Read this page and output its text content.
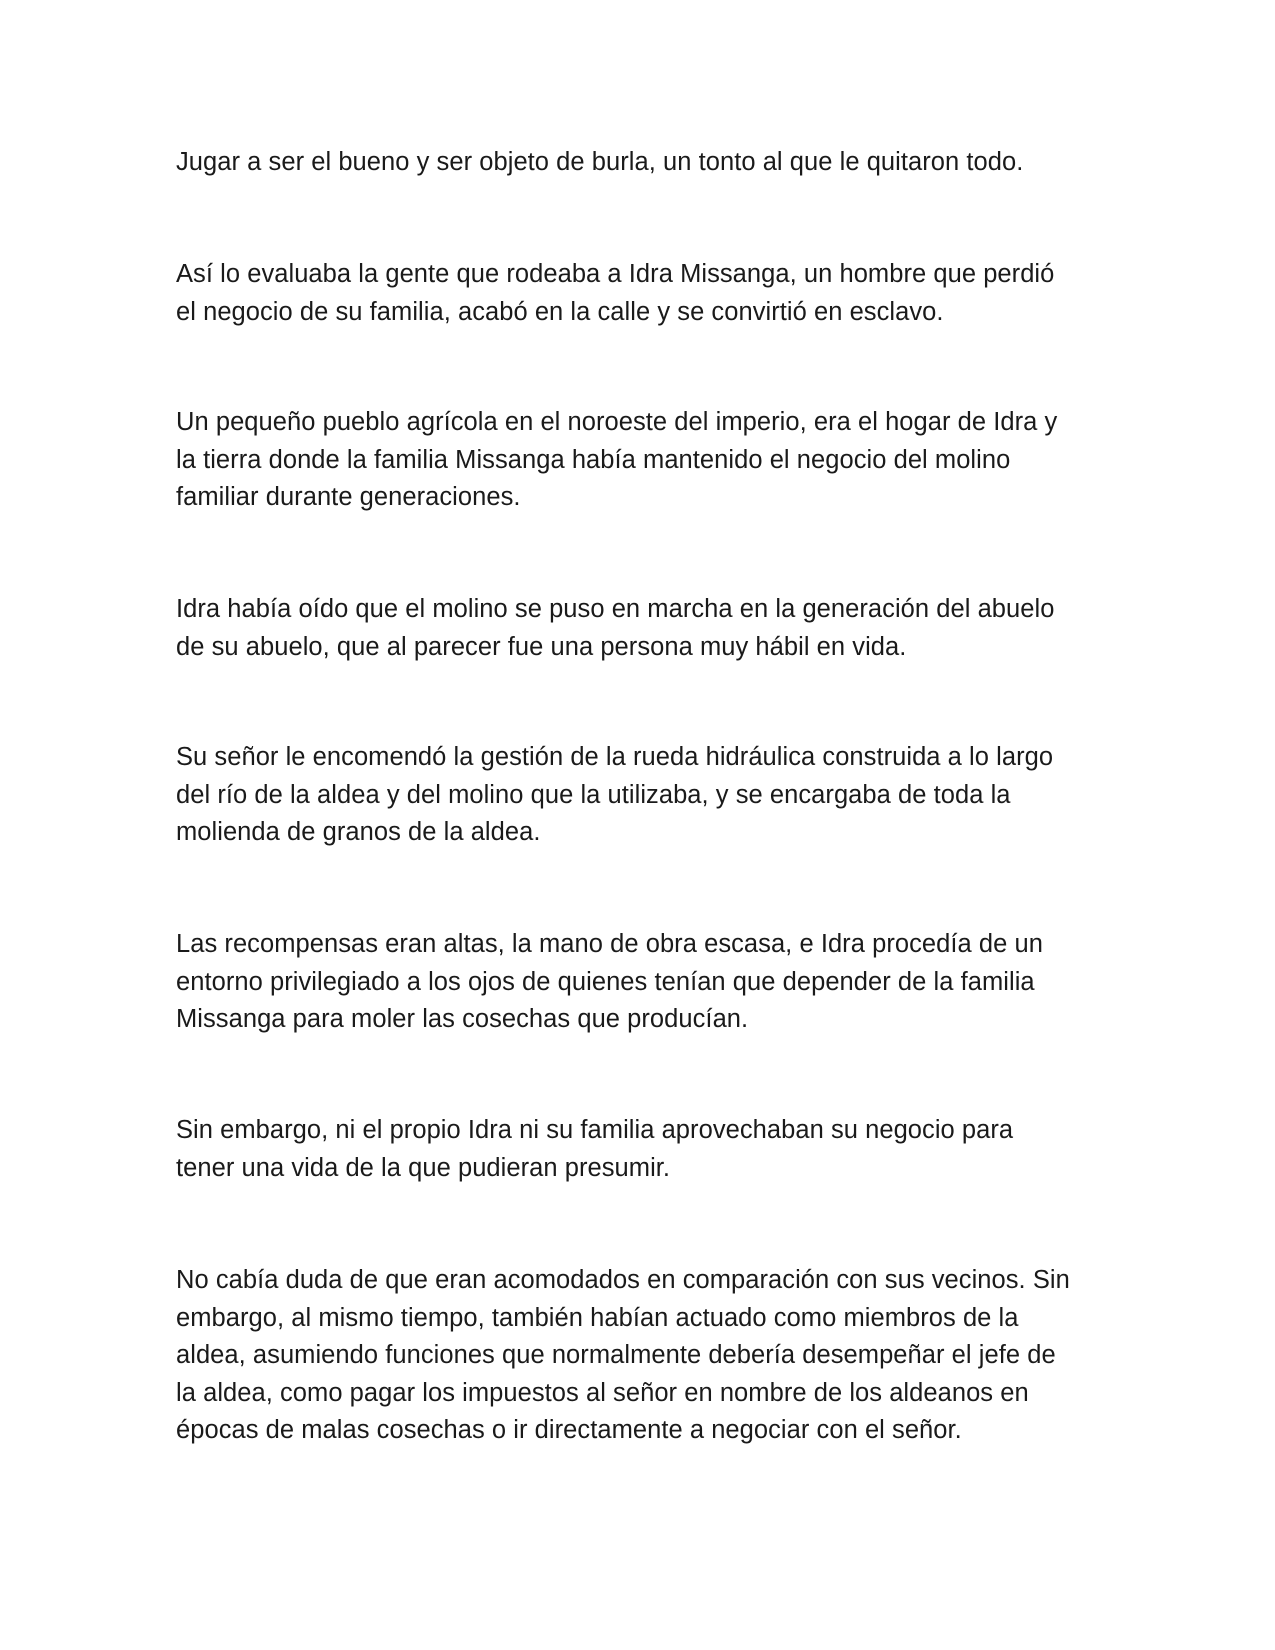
Jugar a ser el bueno y ser objeto de burla, un tonto al que le quitaron todo.

Así lo evaluaba la gente que rodeaba a Idra Missanga, un hombre que perdió
el negocio de su familia, acabó en la calle y se convirtió en esclavo.

Un pequeño pueblo agrícola en el noroeste del imperio, era el hogar de Idra y
la tierra donde la familia Missanga había mantenido el negocio del molino
familiar durante generaciones.

Idra había oído que el molino se puso en marcha en la generación del abuelo
de su abuelo, que al parecer fue una persona muy hábil en vida.

Su señor le encomendó la gestión de la rueda hidráulica construida a lo largo
del río de la aldea y del molino que la utilizaba, y se encargaba de toda la
molienda de granos de la aldea.

Las recompensas eran altas, la mano de obra escasa, e Idra procedía de un
entorno privilegiado a los ojos de quienes tenían que depender de la familia
Missanga para moler las cosechas que producían.

Sin embargo, ni el propio Idra ni su familia aprovechaban su negocio para
tener una vida de la que pudieran presumir.

No cabía duda de que eran acomodados en comparación con sus vecinos. Sin
embargo, al mismo tiempo, también habían actuado como miembros de la
aldea, asumiendo funciones que normalmente debería desempeñar el jefe de
la aldea, como pagar los impuestos al señor en nombre de los aldeanos en
épocas de malas cosechas o ir directamente a negociar con el señor.
